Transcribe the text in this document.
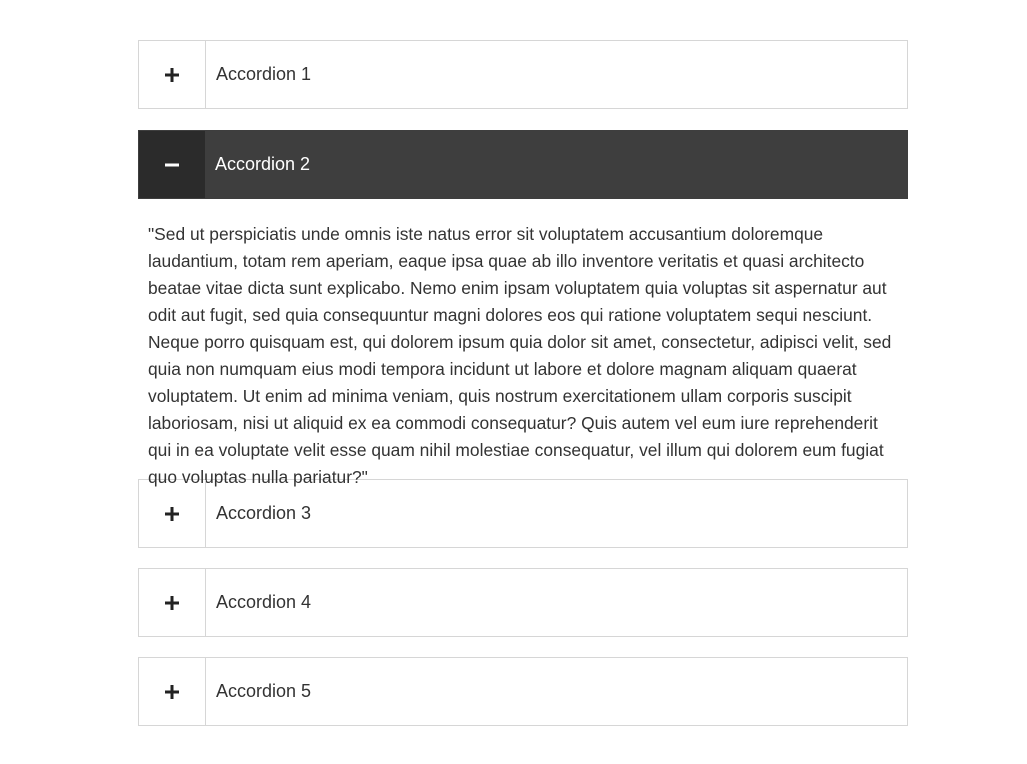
Accordion 1
Accordion 2
"Sed ut perspiciatis unde omnis iste natus error sit voluptatem accusantium doloremque laudantium, totam rem aperiam, eaque ipsa quae ab illo inventore veritatis et quasi architecto beatae vitae dicta sunt explicabo. Nemo enim ipsam voluptatem quia voluptas sit aspernatur aut odit aut fugit, sed quia consequuntur magni dolores eos qui ratione voluptatem sequi nesciunt. Neque porro quisquam est, qui dolorem ipsum quia dolor sit amet, consectetur, adipisci velit, sed quia non numquam eius modi tempora incidunt ut labore et dolore magnam aliquam quaerat voluptatem. Ut enim ad minima veniam, quis nostrum exercitationem ullam corporis suscipit laboriosam, nisi ut aliquid ex ea commodi consequatur? Quis autem vel eum iure reprehenderit qui in ea voluptate velit esse quam nihil molestiae consequatur, vel illum qui dolorem eum fugiat quo voluptas nulla pariatur?"
Accordion 3
Accordion 4
Accordion 5
